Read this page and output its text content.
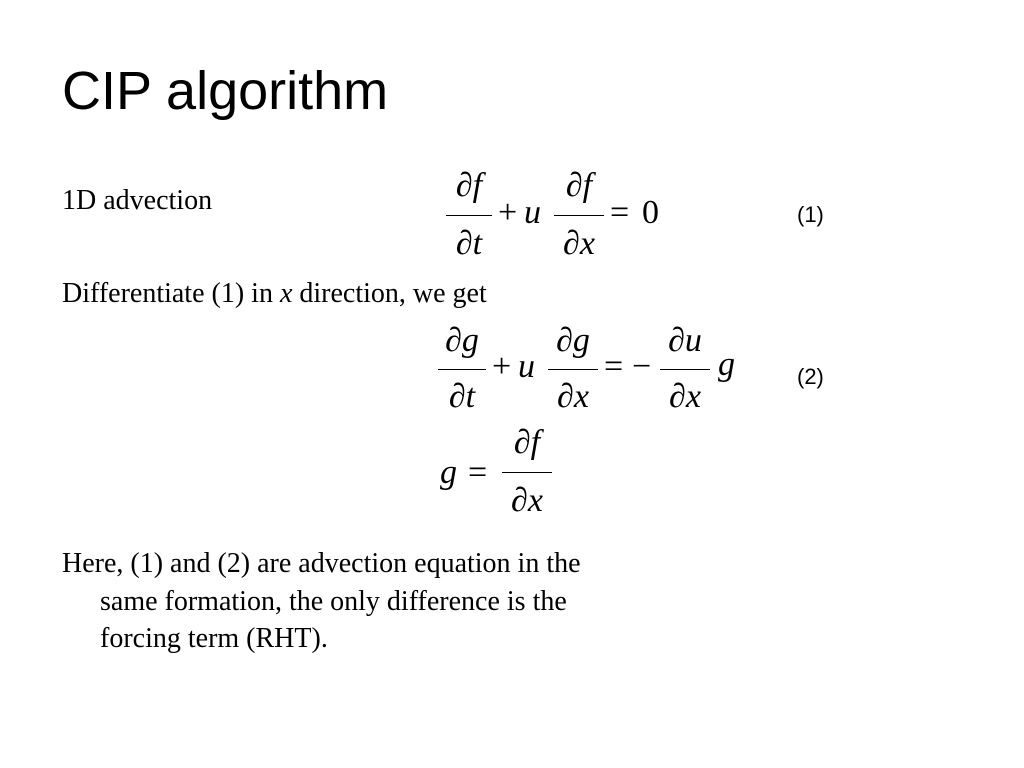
CIP algorithm
1D advection	∂f
∂t
+ u
∂f
∂x
= 0	(1)
Differentiate (1) in x direction, we get
∂g
∂t
+ u
∂g
∂x
= −
∂u
∂x
g	(2)
g =
∂f
∂x
Here, (1) and (2) are advection equation in the
same formation, the only difference is the
forcing term (RHT).
